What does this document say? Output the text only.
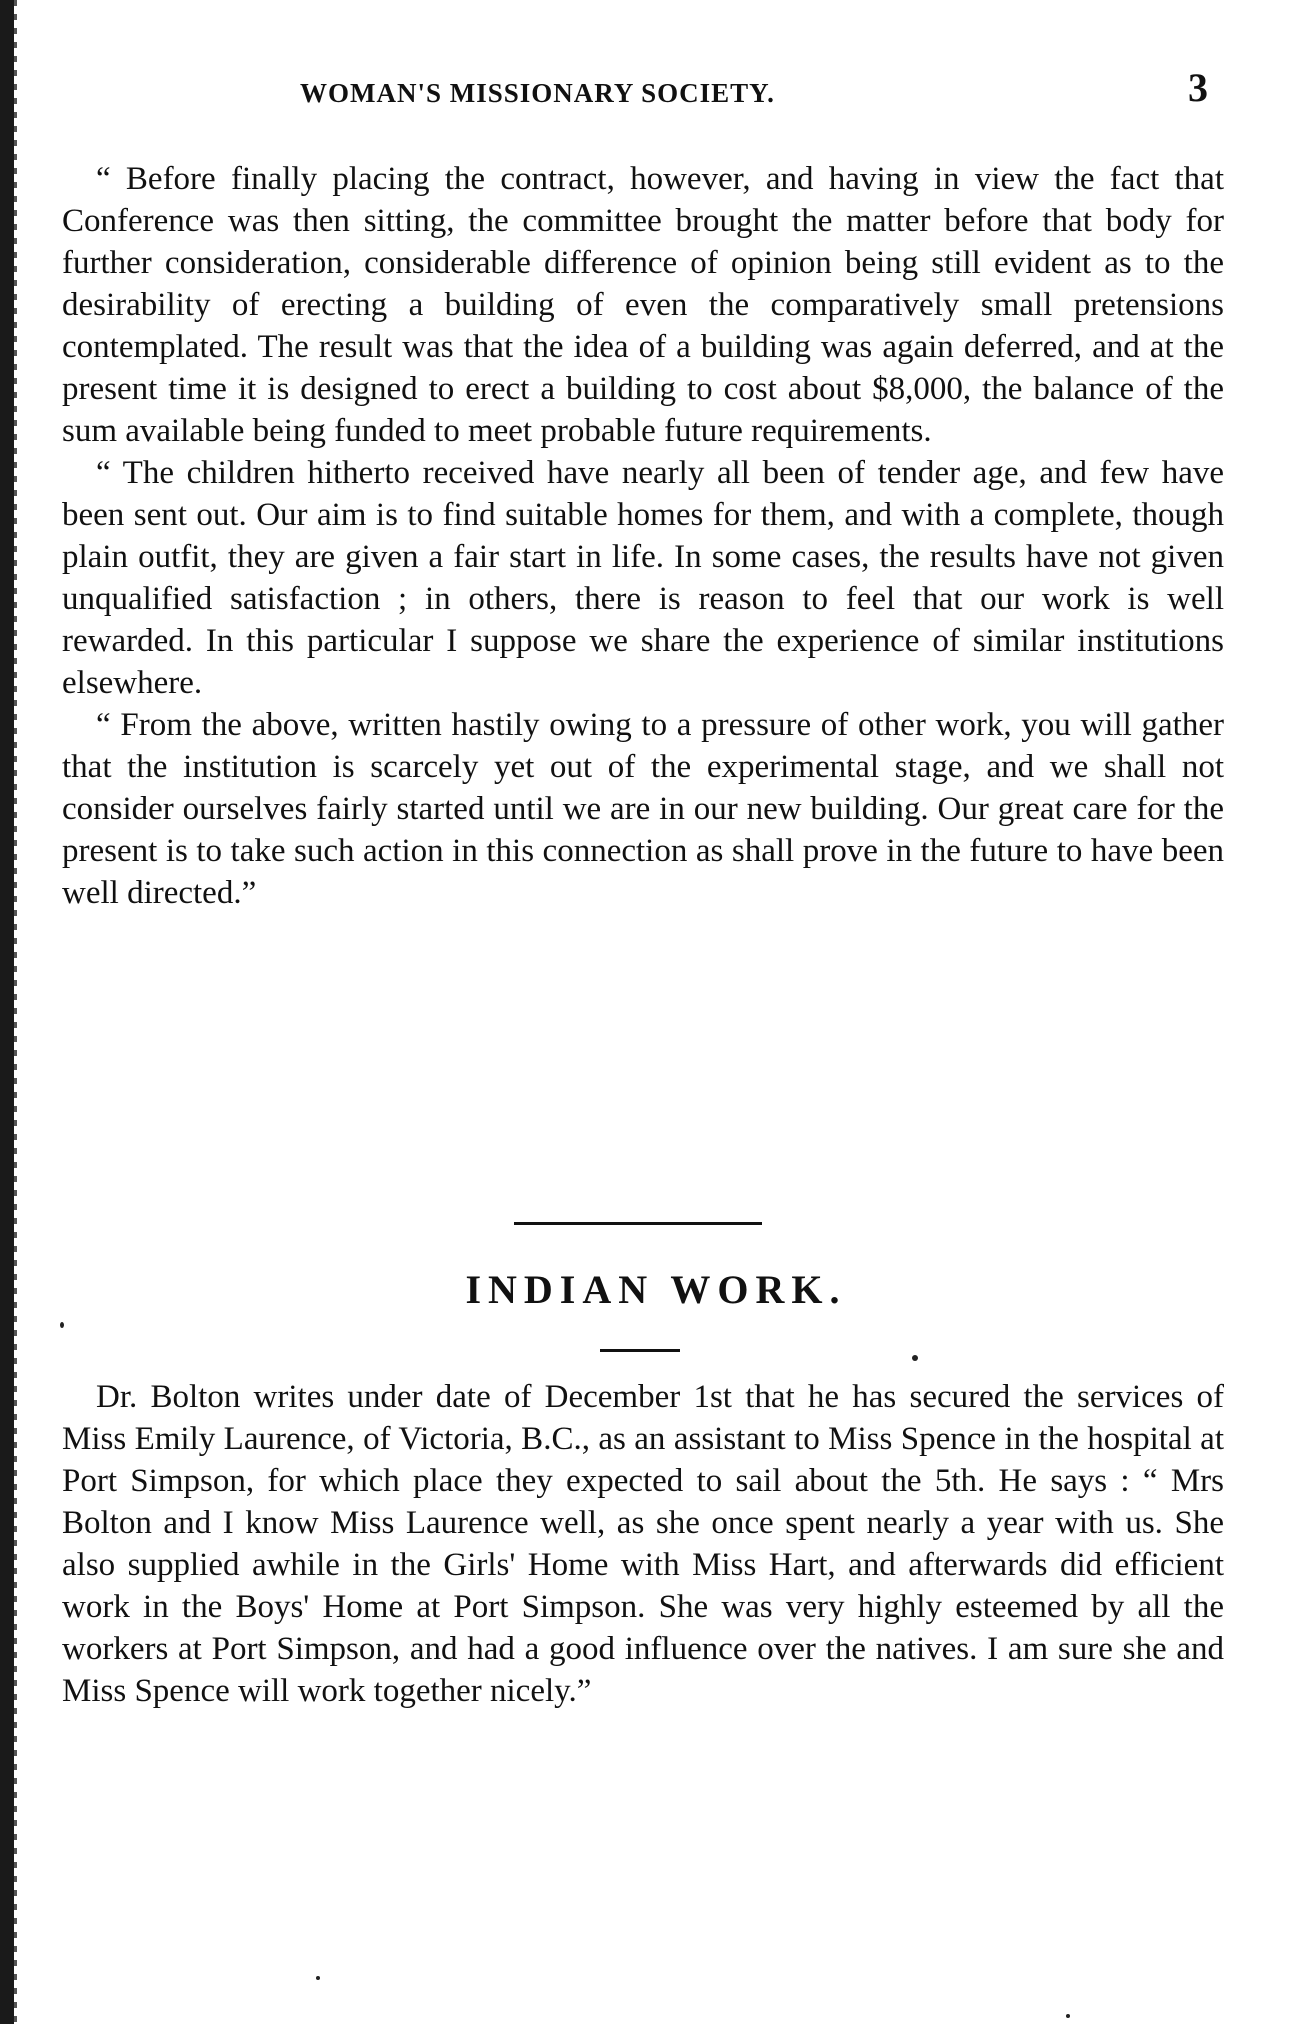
WOMAN'S MISSIONARY SOCIETY.	3

“ Before finally placing the contract, however, and having in view the fact that Conference was then sitting, the committee brought the matter before that body for further consideration, considerable difference of opinion being still evident as to the desirability of erecting a building of even the comparatively small pretensions contemplated. The result was that the idea of a building was again deferred, and at the present time it is designed to erect a building to cost about $8,000, the balance of the sum available being funded to meet probable future requirements.

“ The children hitherto received have nearly all been of tender age, and few have been sent out. Our aim is to find suitable homes for them, and with a complete, though plain outfit, they are given a fair start in life. In some cases, the results have not given unqualified satisfaction ; in others, there is reason to feel that our work is well rewarded. In this particular I suppose we share the experience of similar institutions elsewhere.

“ From the above, written hastily owing to a pressure of other work, you will gather that the institution is scarcely yet out of the experimental stage, and we shall not consider ourselves fairly started until we are in our new building. Our great care for the present is to take such action in this connection as shall prove in the future to have been well directed.”

INDIAN WORK.

Dr. Bolton writes under date of December 1st that he has secured the services of Miss Emily Laurence, of Victoria, B.C., as an assistant to Miss Spence in the hospital at Port Simpson, for which place they expected to sail about the 5th. He says : “ Mrs Bolton and I know Miss Laurence well, as she once spent nearly a year with us. She also supplied awhile in the Girls' Home with Miss Hart, and afterwards did efficient work in the Boys' Home at Port Simpson. She was very highly esteemed by all the workers at Port Simpson, and had a good influence over the natives. I am sure she and Miss Spence will work together nicely.”
